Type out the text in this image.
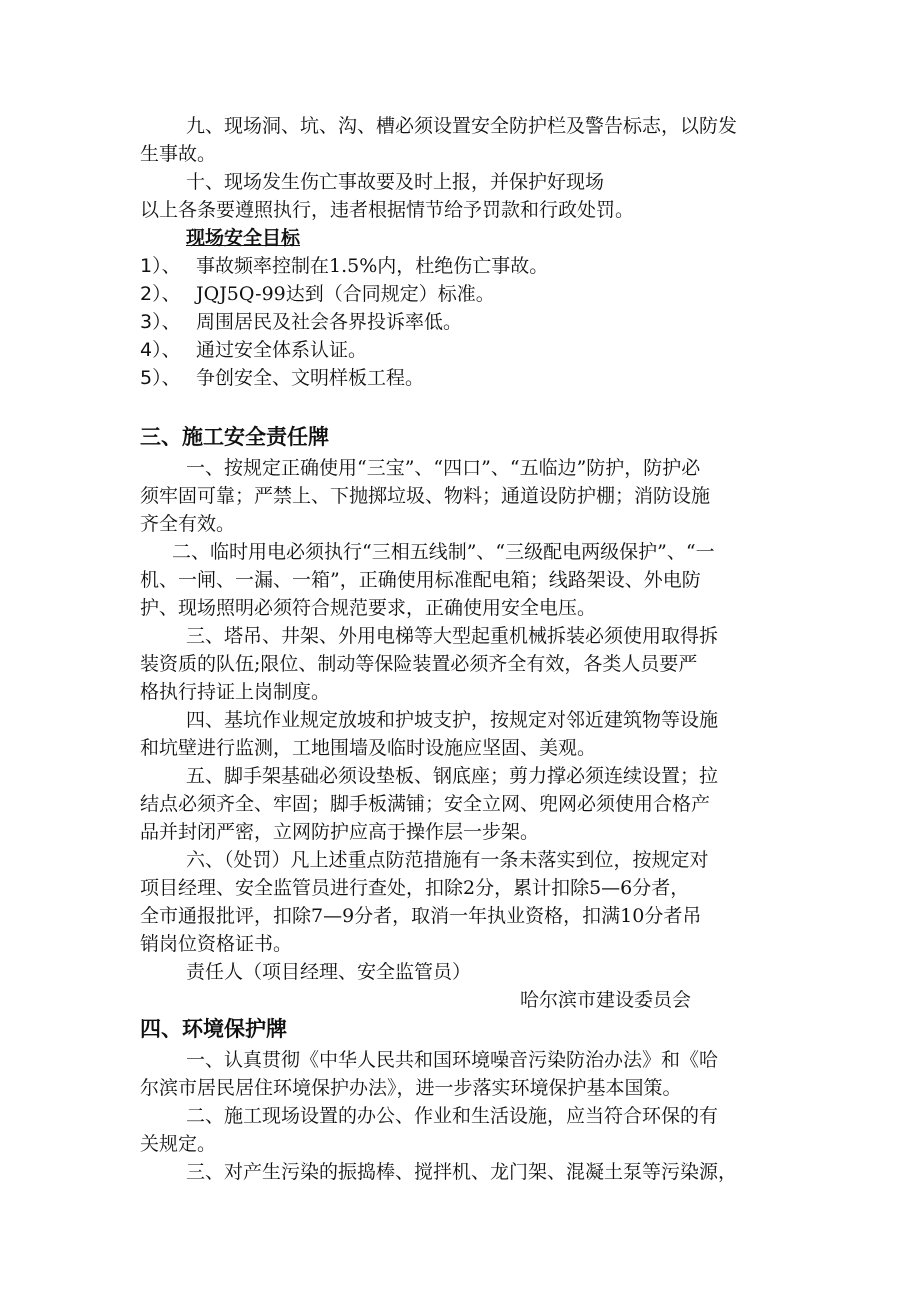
九、现场洞、坑、沟、槽必须设置安全防护栏及警告标志，以防发
生事故。
十、现场发生伤亡事故要及时上报，并保护好现场
以上各条要遵照执行，违者根据情节给予罚款和行政处罚。
现场安全目标
1）、 事故频率控制在1.5%内，杜绝伤亡事故。
2）、 JQJ5Q-99达到（合同规定）标准。
3）、 周围居民及社会各界投诉率低。
4）、 通过安全体系认证。
5）、 争创安全、文明样板工程。
三、施工安全责任牌
一、按规定正确使用“三宝”、“四口”、“五临边”防护，防护必
须牢固可靠；严禁上、下抛掷垃圾、物料；通道设防护棚；消防设施
齐全有效。
二、临时用电必须执行“三相五线制”、“三级配电两级保护”、“一
机、一闸、一漏、一箱”，正确使用标准配电箱；线路架设、外电防
护、现场照明必须符合规范要求，正确使用安全电压。
三、塔吊、井架、外用电梯等大型起重机械拆装必须使用取得拆
装资质的队伍;限位、制动等保险装置必须齐全有效，各类人员要严
格执行持证上岗制度。
四、基坑作业规定放坡和护坡支护，按规定对邻近建筑物等设施
和坑壁进行监测，工地围墙及临时设施应坚固、美观。
五、脚手架基础必须设垫板、钢底座；剪力撑必须连续设置；拉
结点必须齐全、牢固；脚手板满铺；安全立网、兜网必须使用合格产
品并封闭严密，立网防护应高于操作层一步架。
六、（处罚）凡上述重点防范措施有一条未落实到位，按规定对
项目经理、安全监管员进行查处，扣除2分，累计扣除5—6分者，
全市通报批评，扣除7—9分者，取消一年执业资格，扣满10分者吊
销岗位资格证书。
责任人（项目经理、安全监管员）
哈尔滨市建设委员会
四、环境保护牌
一、认真贯彻《中华人民共和国环境噪音污染防治办法》和《哈
尔滨市居民居住环境保护办法》，进一步落实环境保护基本国策。
二、施工现场设置的办公、作业和生活设施，应当符合环保的有
关规定。
三、对产生污染的振捣棒、搅拌机、龙门架、混凝土泵等污染源，
